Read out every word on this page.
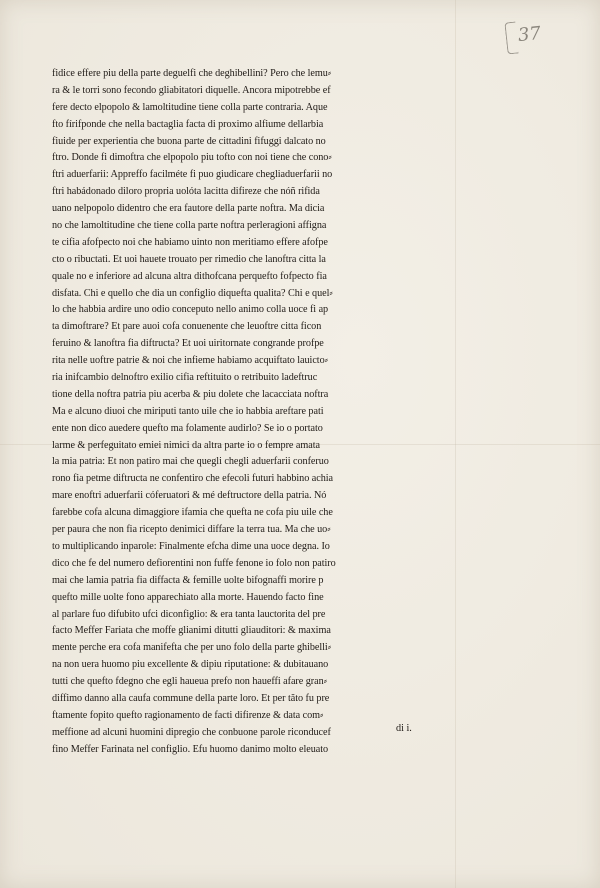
37
fidice effere piu della parte deguelfi che deghibellini? Pero che lemu⸗
ra & le torri sono fecondo gliabitatori diquelle. Ancora mipotrebbe ef
fere decto elpopolo & lamoltitudine tiene colla parte contraria. Aque
fto fírifponde che nella bactaglia facta di proximo alfiume dellarbia
fiuide per experientia che buona parte de cittadini fifuggi dalcato no
ftro. Donde fi dimoftra che elpopolo piu tofto con noi tiene che cono⸗
ftri aduerfarii: Appreffo facilméte fi puo giudicare chegliaduerfarii no
ftri habádonado diloro propria uolóta lacitta difireze che nóñ rifida
uano nelpopolo didentro che era fautore della parte noftra. Ma dicia
no che lamoltitudine che tiene colla parte noftra perleragioni affigna
te cifia afofpecto noi che habiamo uinto non meritiamo effere afofpe
cto o ribuctati. Et uoi hauete trouato per rimedio che lanoftra citta la
quale no e inferiore ad alcuna altra dithofcana perquefto fofpecto fia
disfata. Chi e quello che dia un configlio diquefta qualita? Chi e quel⸗
lo che habbia ardire uno odio conceputo nello animo colla uoce fi ap
ta dimoftrare? Et pare auoi cofa conuenente che leuoftre citta ficon
feruino & lanoftra fia diftructa? Et uoi uiritornate congrande profpe
rita nelle uoftre patrie & noi che infieme habiamo acquiftato lauicto⸗
ria inifcambio delnoftro exilio cifia reftituito o retribuito ladeftruc
tione della noftra patria piu acerba & piu dolete che lacacciata noftra
Ma e alcuno diuoi che miriputi tanto uile che io habbia areftare pati
ente non dico auedere quefto ma folamente audirlo? Se io o portato
larme & perfeguitato emiei nimici da altra parte io o fempre amata
la mia patria: Et non patiro mai che quegli chegli aduerfarii conferuo
rono fia petme diftructa ne confentiro che efecoli futuri habbino achia
mare enoftri aduerfarii cóferuatori & mé deftructore della patria. Nó
farebbe cofa alcuna dimaggiore ifamia che quefta ne cofa piu uile che
per paura che non fia ricepto denimici diffare la terra tua. Ma che uo⸗
to multiplicando inparole: Finalmente efcha dime una uoce degna. Io
dico che fe del numero defiorentini non fuffe fenone io folo non patiro
mai che lamia patria fia diffacta & femille uolte bifognaffi morire p
quefto mille uolte fono apparechiato alla morte. Hauendo facto fine
al parlare fuo difubito ufci diconfiglio: & era tanta lauctorita del pre
facto Meffer Fariata che moffe glianimi ditutti gliauditori: & maxima
mente perche era cofa manifefta che per uno folo della parte ghibelli⸗
na non uera huomo piu excellente & dipiu riputatione: & dubitauano
tutti che quefto fdegno che egli haueua prefo non haueffi afare gran⸗
diffimo danno alla caufa commune della parte loro. Et per tăto fu pre
ftamente fopito quefto ragionamento de facti difirenze & data com⸗
meffione ad alcuni huomini dipregio che conbuone parole riconducef
fino Meffer Farinata nel configlio. Efu huomo danimo molto eleuato
di i.
